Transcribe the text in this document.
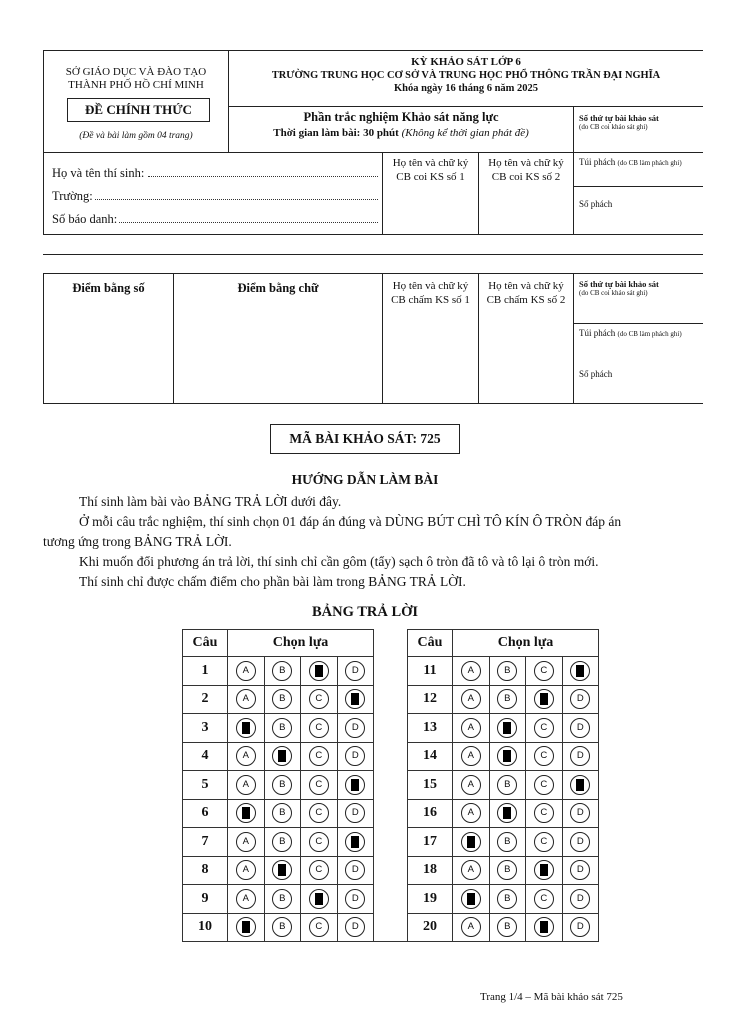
SỞ GIÁO DỤC VÀ ĐÀO TẠO
THÀNH PHỐ HỒ CHÍ MINH
ĐỀ CHÍNH THỨC
(Đề và bài làm gồm 04 trang)
KỲ KHẢO SÁT LỚP 6
TRƯỜNG TRUNG HỌC CƠ SỞ VÀ TRUNG HỌC PHỔ THÔNG TRẦN ĐẠI NGHĨA
Khóa ngày 16 tháng 6 năm 2025
Phần trắc nghiệm Khảo sát năng lực
Thời gian làm bài: 30 phút (Không kể thời gian phát đề)
Số thứ tự bài khảo sát
(do CB coi khảo sát ghi)
Họ và tên thí sinh:
Trường:
Số báo danh:
Họ tên và chữ ký
CB coi KS số 1
Họ tên và chữ ký
CB coi KS số 2
Túi phách (do CB làm phách ghi)
Số phách
Điểm bằng số	Điểm bằng chữ	Họ tên và chữ ký
CB chấm KS số 1
Họ tên và chữ ký
CB chấm KS số 2
Số thứ tự bài khảo sát
(do CB coi khảo sát ghi)
Túi phách (do CB làm phách ghi)
Số phách
MÃ BÀI KHẢO SÁT: 725
HƯỚNG DẪN LÀM BÀI
Thí sinh làm bài vào BẢNG TRẢ LỜI dưới đây.
Ở mỗi câu trắc nghiệm, thí sinh chọn 01 đáp án đúng và DÙNG BÚT CHÌ TÔ KÍN Ô TRÒN đáp án
tương ứng trong BẢNG TRẢ LỜI.
Khi muốn đổi phương án trả lời, thí sinh chỉ cần gôm (tẩy) sạch ô tròn đã tô và tô lại ô tròn mới.
Thí sinh chỉ được chấm điểm cho phần bài làm trong BẢNG TRẢ LỜI.
BẢNG TRẢ LỜI
Câu	Chọn lựa					Câu	Chọn lựa			
1	A	B		D		11	A	B	C	
2	A	B	C			12	A	B		D
3		B	C	D		13	A		C	D
4	A		C	D		14	A		C	D
5	A	B	C			15	A	B	C	
6		B	C	D		16	A		C	D
7	A	B	C			17		B	C	D
8	A		C	D		18	A	B		D
9	A	B		D		19		B	C	D
10		B	C	D		20	A	B		D
Trang 1/4 – Mã bài khảo sát 725
